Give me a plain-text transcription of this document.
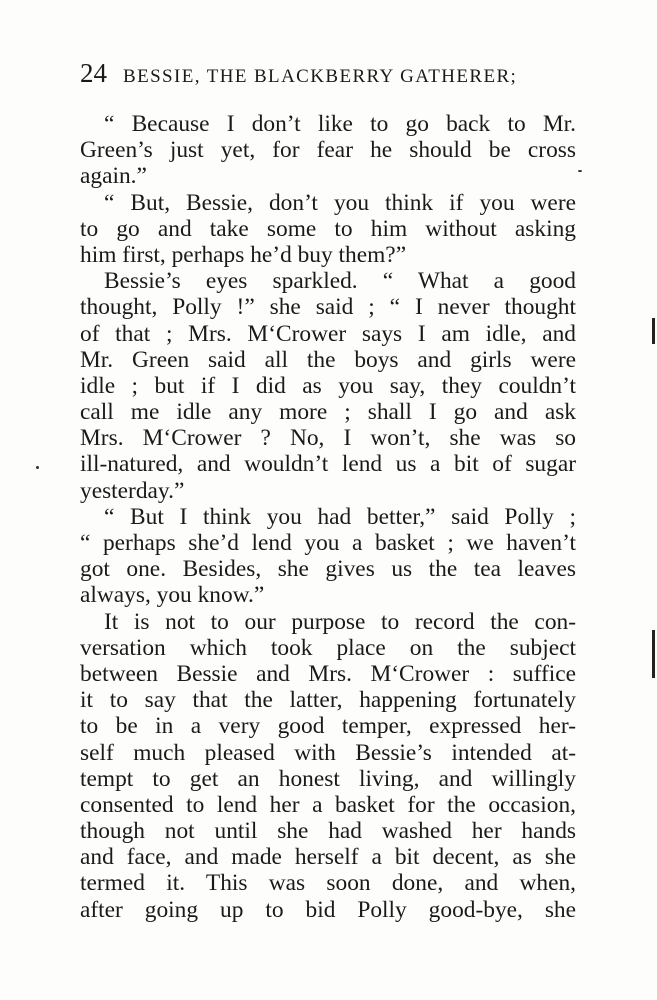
24 BESSIE, THE BLACKBERRY GATHERER;
“ Because I don’t like to go back to Mr.
Green’s just yet, for fear he should be cross
again.”
“ But, Bessie, don’t you think if you were
to go and take some to him without asking
him first, perhaps he’d buy them?”
Bessie’s eyes sparkled. “ What a good
thought, Polly !” she said ; “ I never thought
of that ; Mrs. M‘Crower says I am idle, and
Mr. Green said all the boys and girls were
idle ; but if I did as you say, they couldn’t
call me idle any more ; shall I go and ask
Mrs. M‘Crower ? No, I won’t, she was so
ill-natured, and wouldn’t lend us a bit of sugar
yesterday.”
“ But I think you had better,” said Polly ;
“ perhaps she’d lend you a basket ; we haven’t
got one. Besides, she gives us the tea leaves
always, you know.”
It is not to our purpose to record the con-
versation which took place on the subject
between Bessie and Mrs. M‘Crower : suffice
it to say that the latter, happening fortunately
to be in a very good temper, expressed her-
self much pleased with Bessie’s intended at-
tempt to get an honest living, and willingly
consented to lend her a basket for the occasion,
though not until she had washed her hands
and face, and made herself a bit decent, as she
termed it. This was soon done, and when,
after going up to bid Polly good-bye, she
